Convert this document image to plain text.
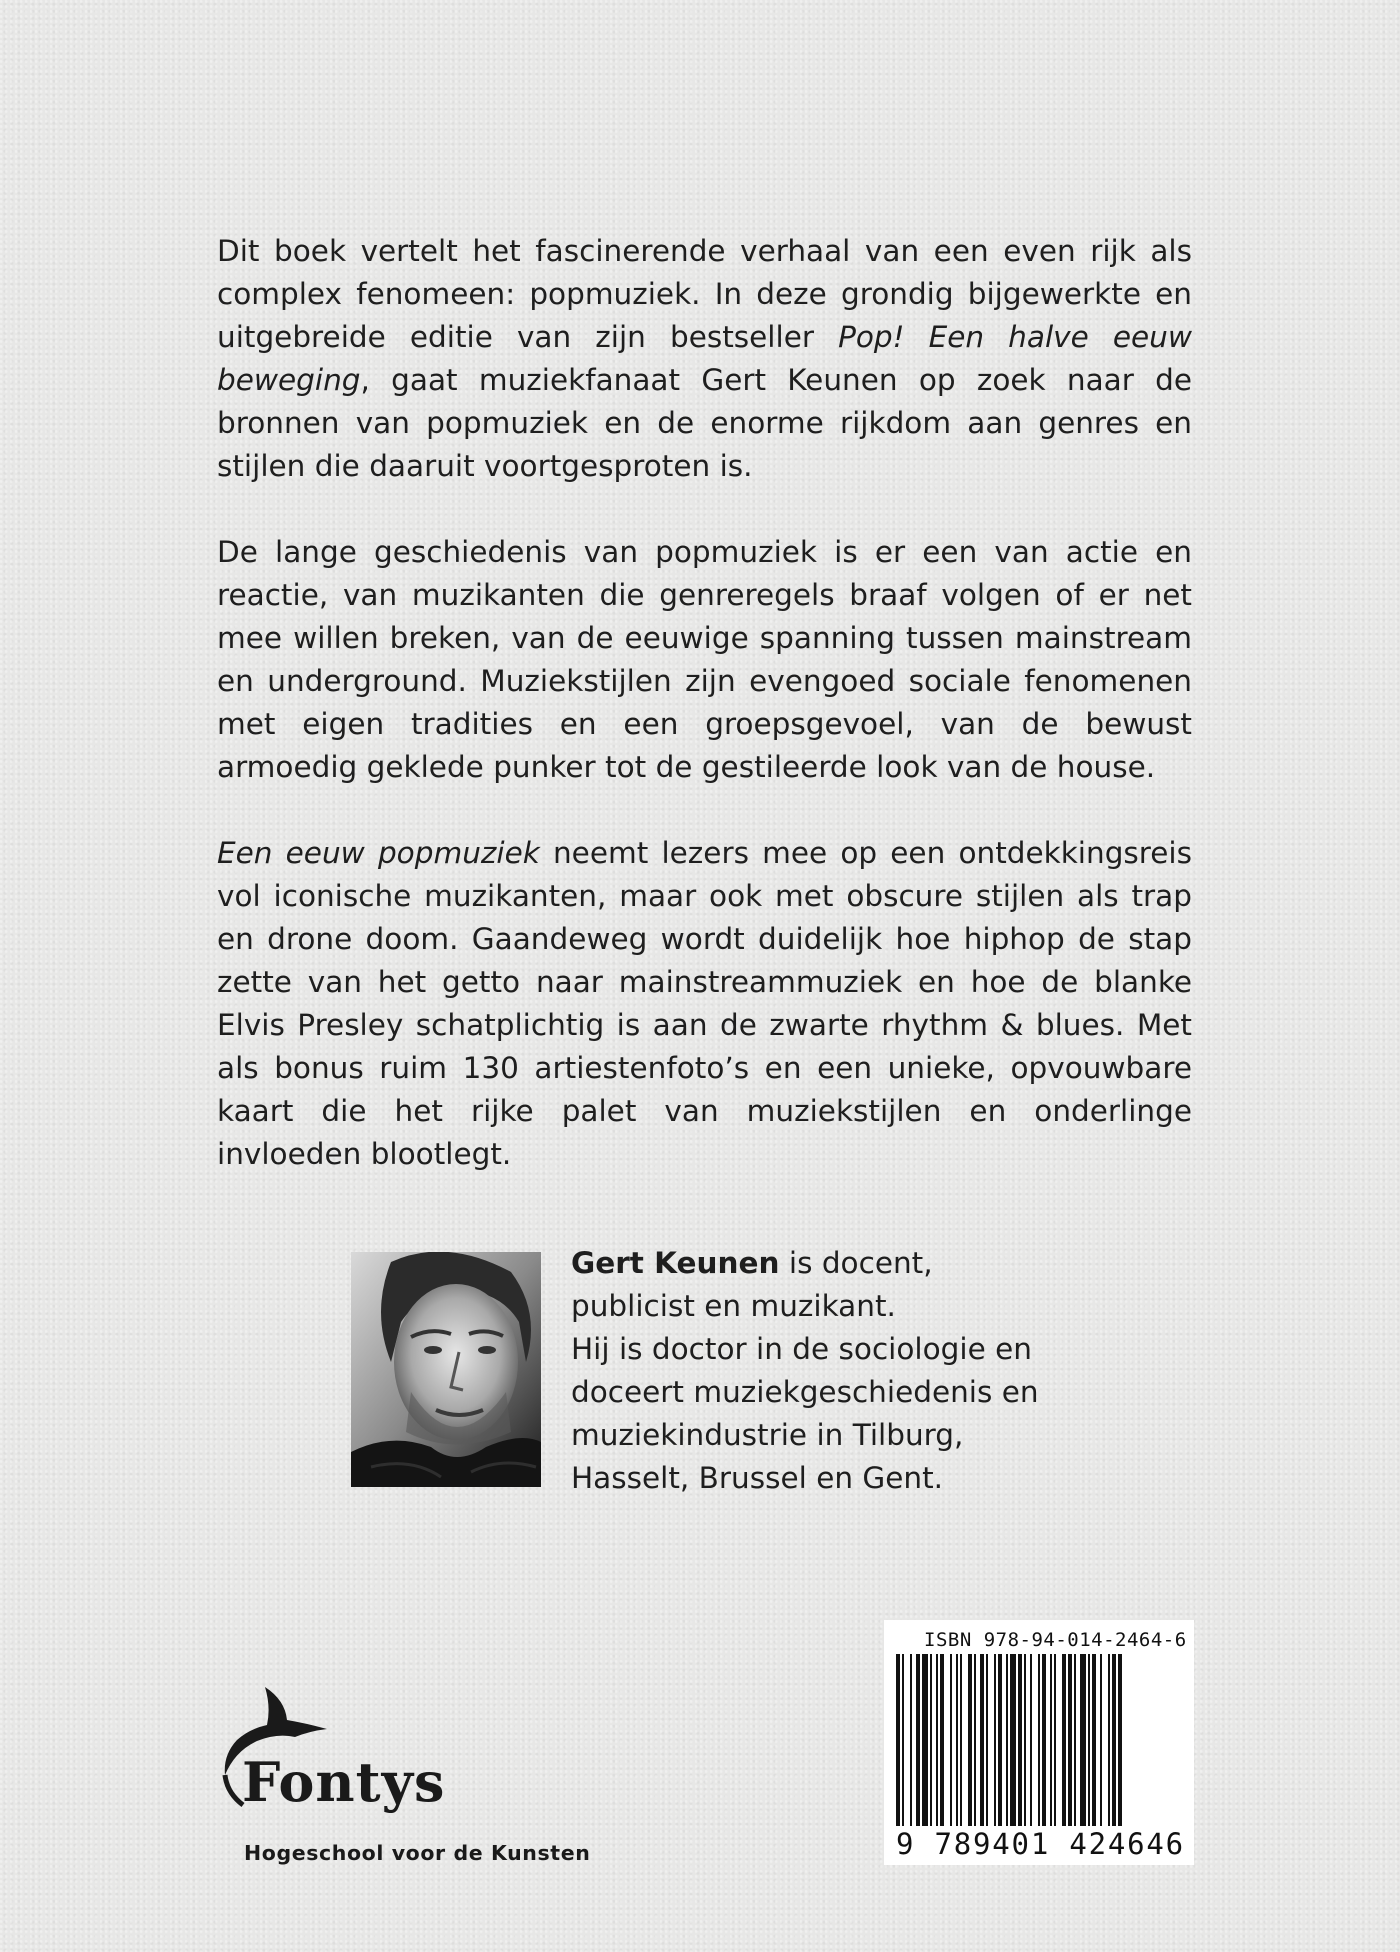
Dit boek vertelt het fascinerende verhaal van een even rijk als complex fenomeen: popmuziek. In deze grondig bijgewerkte en uitgebreide editie van zijn bestseller Pop! Een halve eeuw beweging, gaat muziekfanaat Gert Keunen op zoek naar de bronnen van popmuziek en de enorme rijkdom aan genres en stijlen die daaruit voortgesproten is.

De lange geschiedenis van popmuziek is er een van actie en reactie, van muzikanten die genreregels braaf volgen of er net mee willen breken, van de eeuwige spanning tussen mainstream en underground. Muziekstijlen zijn evengoed sociale fenomenen met eigen tradities en een groepsgevoel, van de bewust armoedig geklede punker tot de gestileerde look van de house.

Een eeuw popmuziek neemt lezers mee op een ontdekkingsreis vol iconische muzikanten, maar ook met obscure stijlen als trap en drone doom. Gaandeweg wordt duidelijk hoe hiphop de stap zette van het getto naar mainstreammuziek en hoe de blanke Elvis Presley schatplichtig is aan de zwarte rhythm & blues. Met als bonus ruim 130 artiestenfoto’s en een unieke, opvouwbare kaart die het rijke palet van muziekstijlen en onderlinge invloeden blootlegt.

Gert Keunen is docent,
publicist en muzikant.
Hij is doctor in de sociologie en
doceert muziekgeschiedenis en
muziekindustrie in Tilburg,
Hasselt, Brussel en Gent.
ISBN 978-94-014-2464-6
9 789401 424646
Fontys
Hogeschool voor de Kunsten
